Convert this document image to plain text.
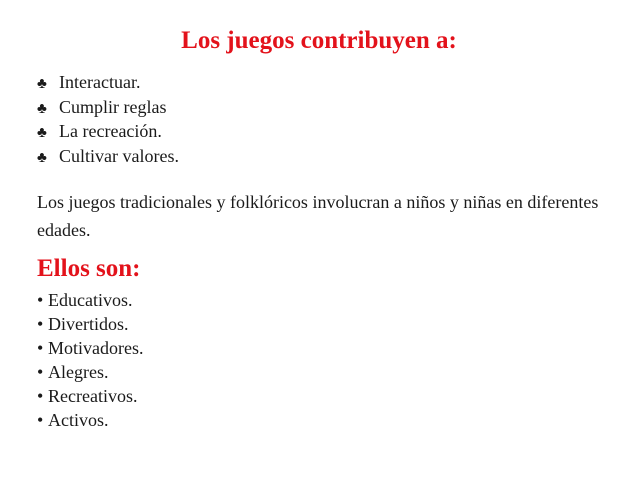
Los juegos contribuyen a:
♣ Interactuar.
♣ Cumplir reglas
♣ La recreación.
♣ Cultivar valores.

Los juegos tradicionales y folklóricos involucran a niños y niñas en diferentes edades.

Ellos son:
• Educativos.
• Divertidos.
• Motivadores.
• Alegres.
• Recreativos.
• Activos.
